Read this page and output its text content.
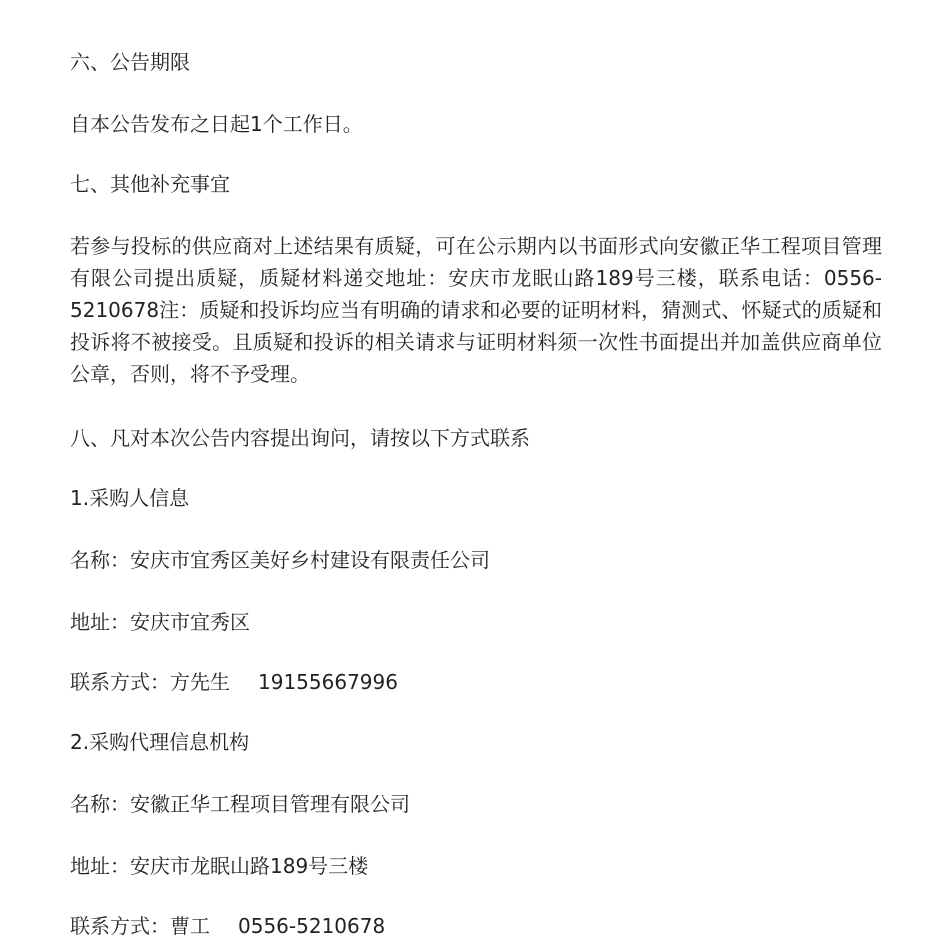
六、公告期限

自本公告发布之日起1个工作日。

七、其他补充事宜

若参与投标的供应商对上述结果有质疑，可在公示期内以书面形式向安徽正华工程项目管理有限公司提出质疑，质疑材料递交地址：安庆市龙眠山路189号三楼，联系电话：0556-5210678注：质疑和投诉均应当有明确的请求和必要的证明材料，猜测式、怀疑式的质疑和投诉将不被接受。且质疑和投诉的相关请求与证明材料须一次性书面提出并加盖供应商单位公章，否则，将不予受理。

八、凡对本次公告内容提出询问，请按以下方式联系

1.采购人信息

名称：安庆市宜秀区美好乡村建设有限责任公司

地址：安庆市宜秀区

联系方式：方先生 19155667996

2.采购代理信息机构

名称：安徽正华工程项目管理有限公司

地址：安庆市龙眠山路189号三楼

联系方式：曹工 0556-5210678
